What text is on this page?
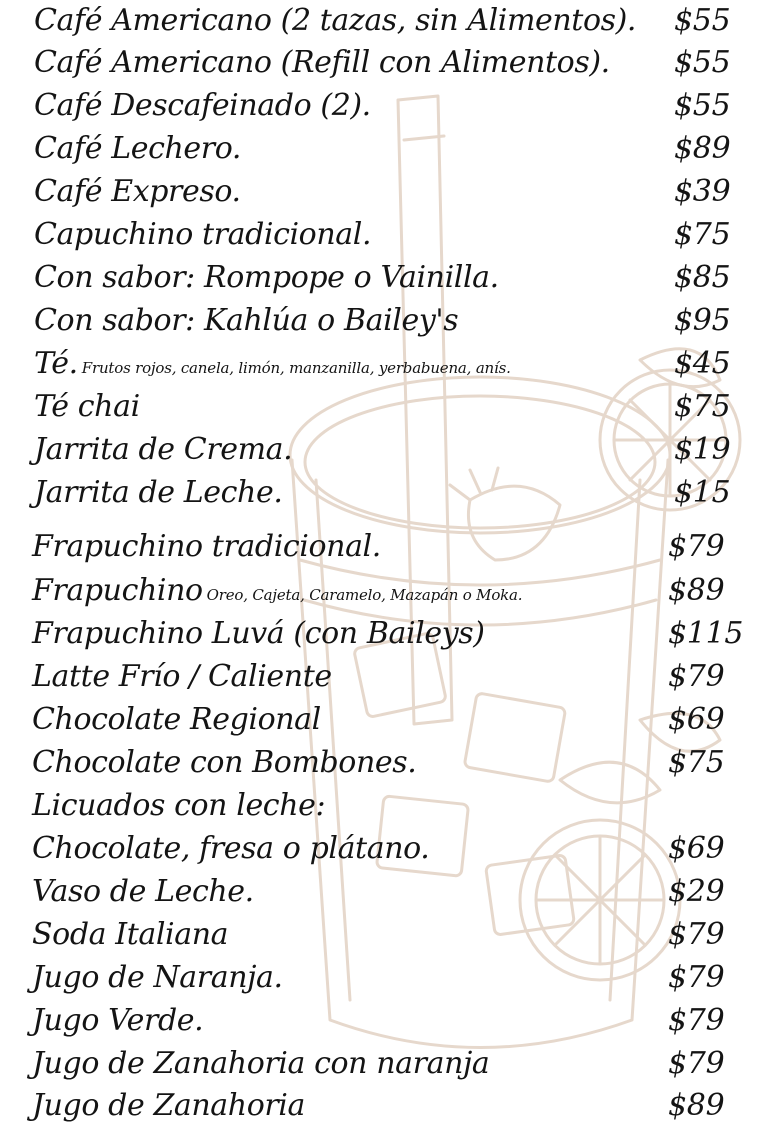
Café Americano (2 tazas, sin Alimentos). $55
Café Americano (Refill con Alimentos). $55
Café Descafeinado (2).	$55
Café Lechero.	$89
Café Expreso.	$39
Capuchino tradicional.	$75
Con sabor: Rompope o Vainilla.	$85
Con sabor: Kahlúa o Bailey's	$95
Té. Frutos rojos, canela, limón, manzanilla, yerbabuena, anís.	$45
Té chai	$75
Jarrita de Crema.	$19
Jarrita de Leche.	$15
Frapuchino tradicional.	$79
Frapuchino Oreo, Cajeta, Caramelo, Mazapán o Moka.	$89
Frapuchino Luvá (con Baileys)	$115
Latte Frío / Caliente	$79
Chocolate Regional	$69
Chocolate con Bombones.	$75
Licuados con leche:
Chocolate, fresa o plátano.	$69
Vaso de Leche.	$29
Soda Italiana	$79
Jugo de Naranja.	$79
Jugo Verde.	$79
Jugo de Zanahoria con naranja	$79
Jugo de Zanahoria	$89
